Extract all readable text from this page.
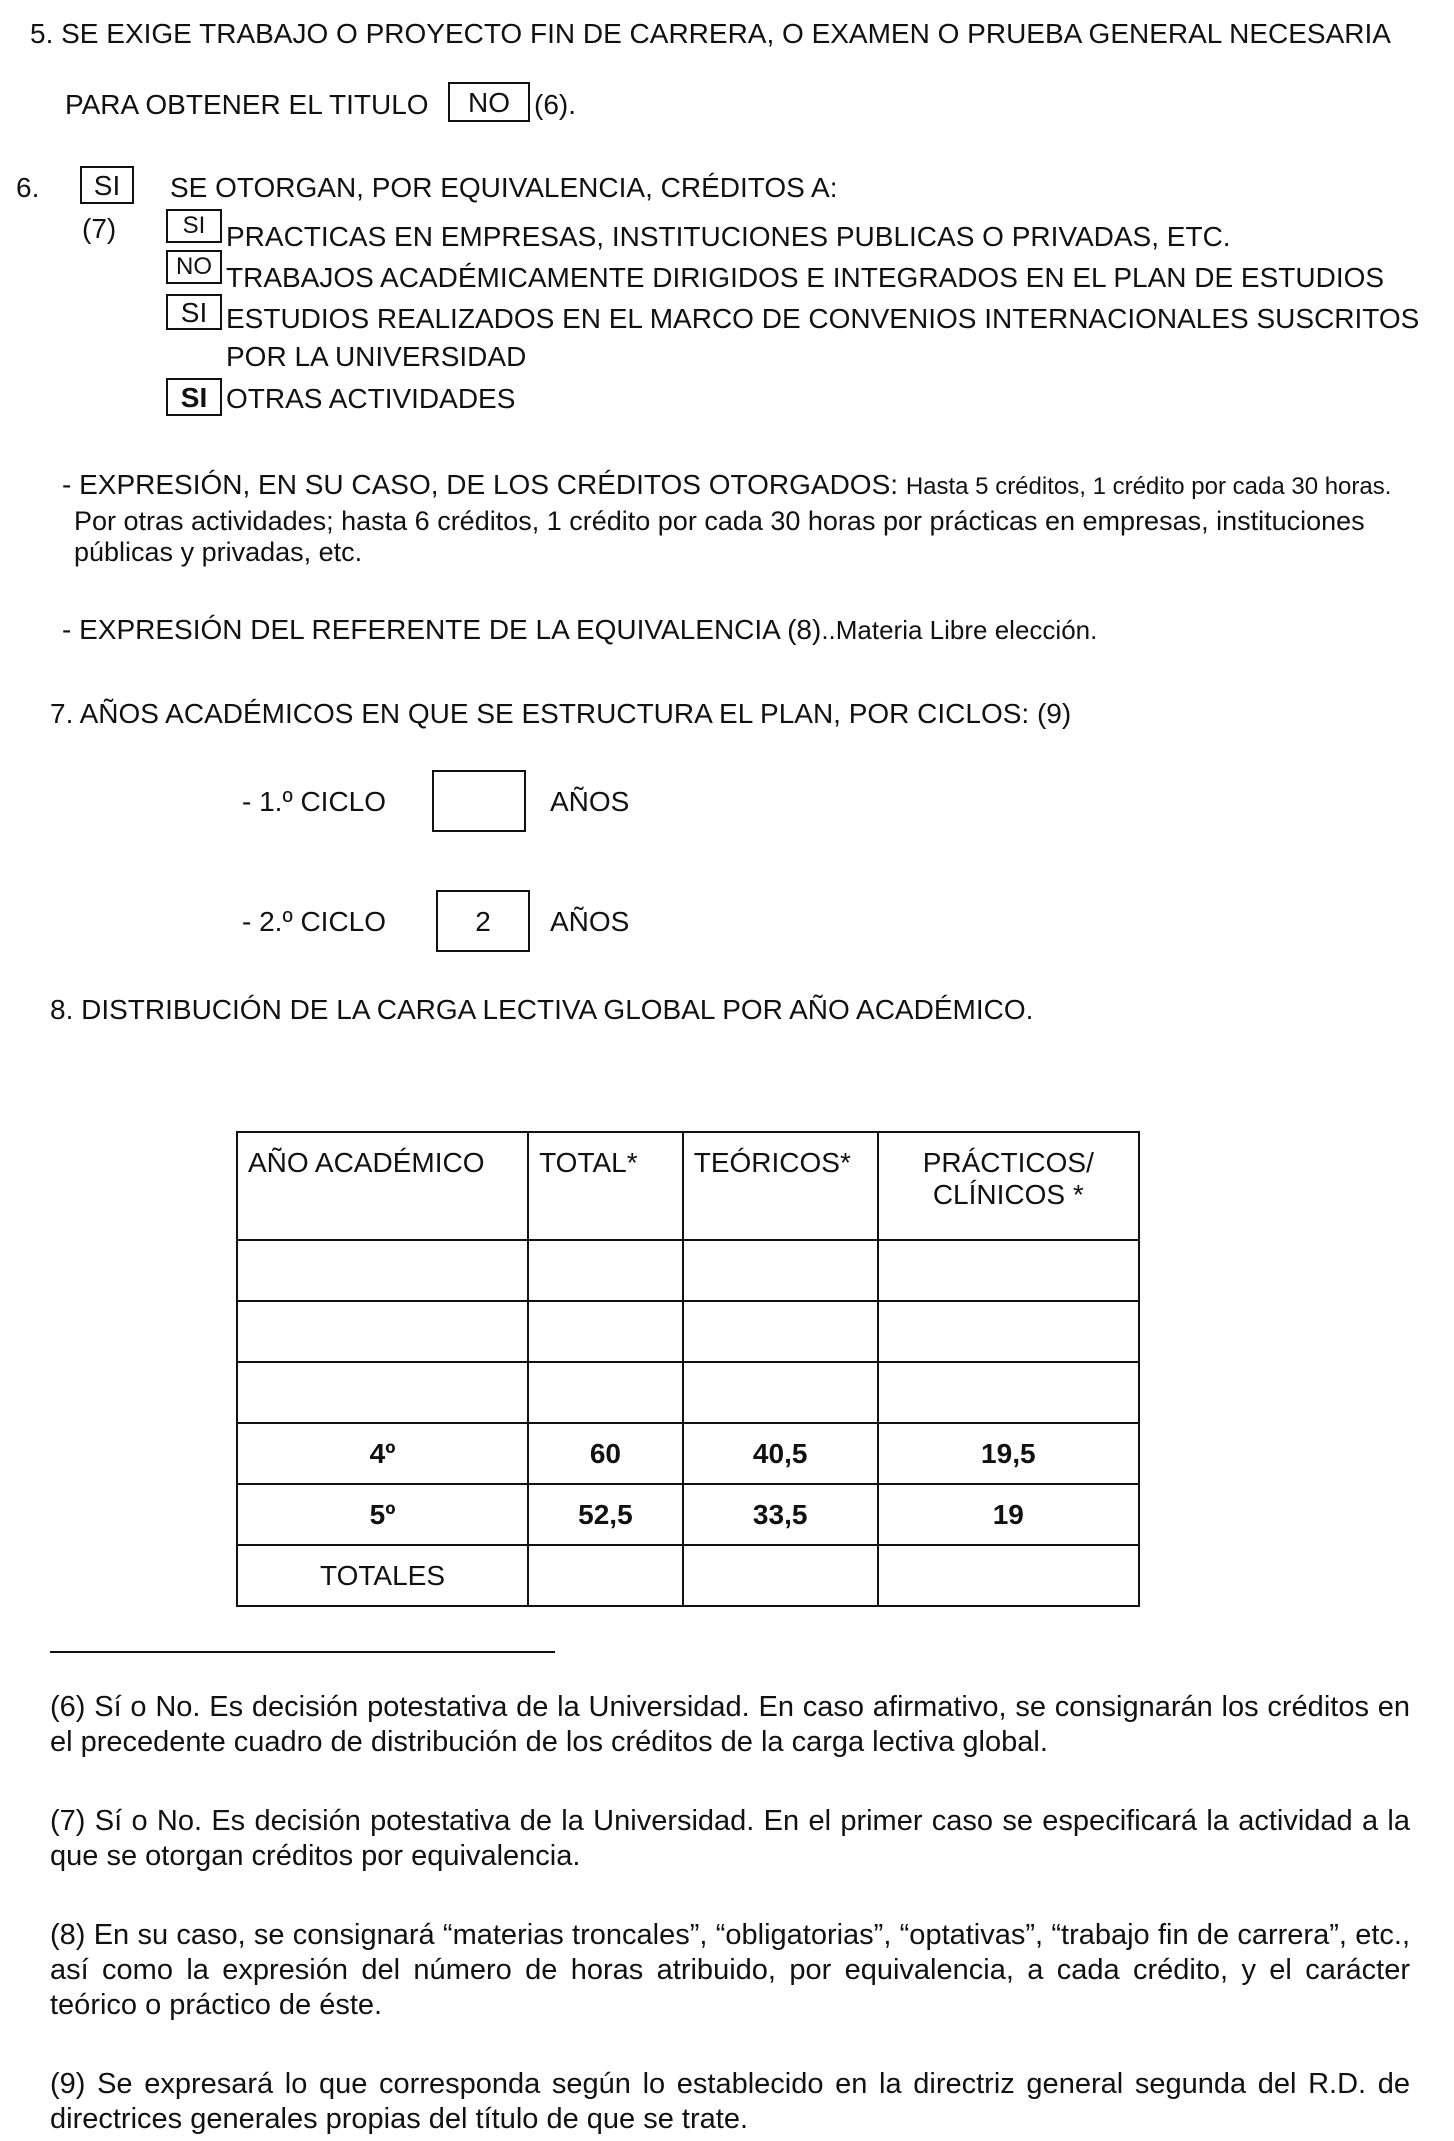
5. SE EXIGE TRABAJO O PROYECTO FIN DE CARRERA, O EXAMEN O PRUEBA GENERAL NECESARIA
PARA OBTENER EL TITULO	NO (6).
6.	SI	SE OTORGAN, POR EQUIVALENCIA, CRÉDITOS A:
(7)	SI PRACTICAS EN EMPRESAS, INSTITUCIONES PUBLICAS O PRIVADAS, ETC.
NO TRABAJOS ACADÉMICAMENTE DIRIGIDOS E INTEGRADOS EN EL PLAN DE ESTUDIOS
SI ESTUDIOS REALIZADOS EN EL MARCO DE CONVENIOS INTERNACIONALES SUSCRITOS
POR LA UNIVERSIDAD
SI OTRAS ACTIVIDADES
- EXPRESIÓN, EN SU CASO, DE LOS CRÉDITOS OTORGADOS: Hasta 5 créditos, 1 crédito por cada 30 horas.
Por otras actividades; hasta 6 créditos, 1 crédito por cada 30 horas por prácticas en empresas, instituciones
públicas y privadas, etc.
- EXPRESIÓN DEL REFERENTE DE LA EQUIVALENCIA (8)..Materia Libre elección.
7. AÑOS ACADÉMICOS EN QUE SE ESTRUCTURA EL PLAN, POR CICLOS: (9)
- 1.º CICLO	AÑOS
- 2.º CICLO	2	AÑOS
8. DISTRIBUCIÓN DE LA CARGA LECTIVA GLOBAL POR AÑO ACADÉMICO.
AÑO ACADÉMICO	TOTAL*	TEÓRICOS*	PRÁCTICOS/
CLÍNICOS *

4º	60	40,5	19,5
5º	52,5	33,5	19
TOTALES			
(6) Sí o No. Es decisión potestativa de la Universidad. En caso afirmativo, se consignarán los créditos en el precedente cuadro de distribución de los créditos de la carga lectiva global.
(7) Sí o No. Es decisión potestativa de la Universidad. En el primer caso se especificará la actividad a la que se otorgan créditos por equivalencia.
(8) En su caso, se consignará “materias troncales”, “obligatorias”, “optativas”, “trabajo fin de carrera”, etc., así como la expresión del número de horas atribuido, por equivalencia, a cada crédito, y el carácter teórico o práctico de éste.
(9) Se expresará lo que corresponda según lo establecido en la directriz general segunda del R.D. de directrices generales propias del título de que se trate.
